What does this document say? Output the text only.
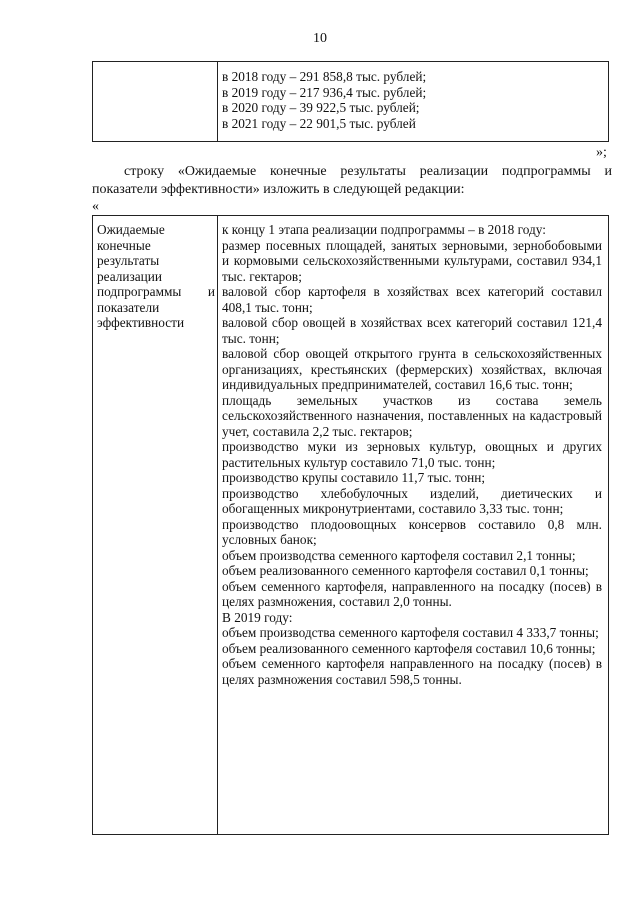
10
в 2018 году – 291 858,8 тыс. рублей;
в 2019 году – 217 936,4 тыс. рублей;
в 2020 году – 39 922,5 тыс. рублей;
в 2021 году – 22 901,5 тыс. рублей
»;
строку «Ожидаемые конечные результаты реализации подпрограммы и показатели эффективности» изложить в следующей редакции:
«
Ожидаемые
конечные
результаты
реализации
подпрограммы и
показатели
эффективности
к концу 1 этапа реализации подпрограммы – в 2018 году:
размер посевных площадей, занятых зерновыми, зернобобовыми и кормовыми сельскохозяйственными культурами, составил 934,1 тыс. гектаров;
валовой сбор картофеля в хозяйствах всех категорий составил 408,1 тыс. тонн;
валовой сбор овощей в хозяйствах всех категорий составил 121,4 тыс. тонн;
валовой сбор овощей открытого грунта в сельскохозяйственных организациях, крестьянских (фермерских) хозяйствах, включая индивидуальных предпринимателей, составил 16,6 тыс. тонн;
площадь земельных участков из состава земель сельскохозяйственного назначения, поставленных на кадастровый учет, составила 2,2 тыс. гектаров;
производство муки из зерновых культур, овощных и других растительных культур составило 71,0 тыс. тонн;
производство крупы составило 11,7 тыс. тонн;
производство хлебобулочных изделий, диетических и обогащенных микронутриентами, составило 3,33 тыс. тонн;
производство плодоовощных консервов составило 0,8 млн. условных банок;
объем производства семенного картофеля составил 2,1 тонны;
объем реализованного семенного картофеля составил 0,1 тонны;
объем семенного картофеля, направленного на посадку (посев) в целях размножения, составил 2,0 тонны.
В 2019 году:
объем производства семенного картофеля составил 4 333,7 тонны;
объем реализованного семенного картофеля составил 10,6 тонны;
объем семенного картофеля направленного на посадку (посев) в целях размножения составил 598,5 тонны.
